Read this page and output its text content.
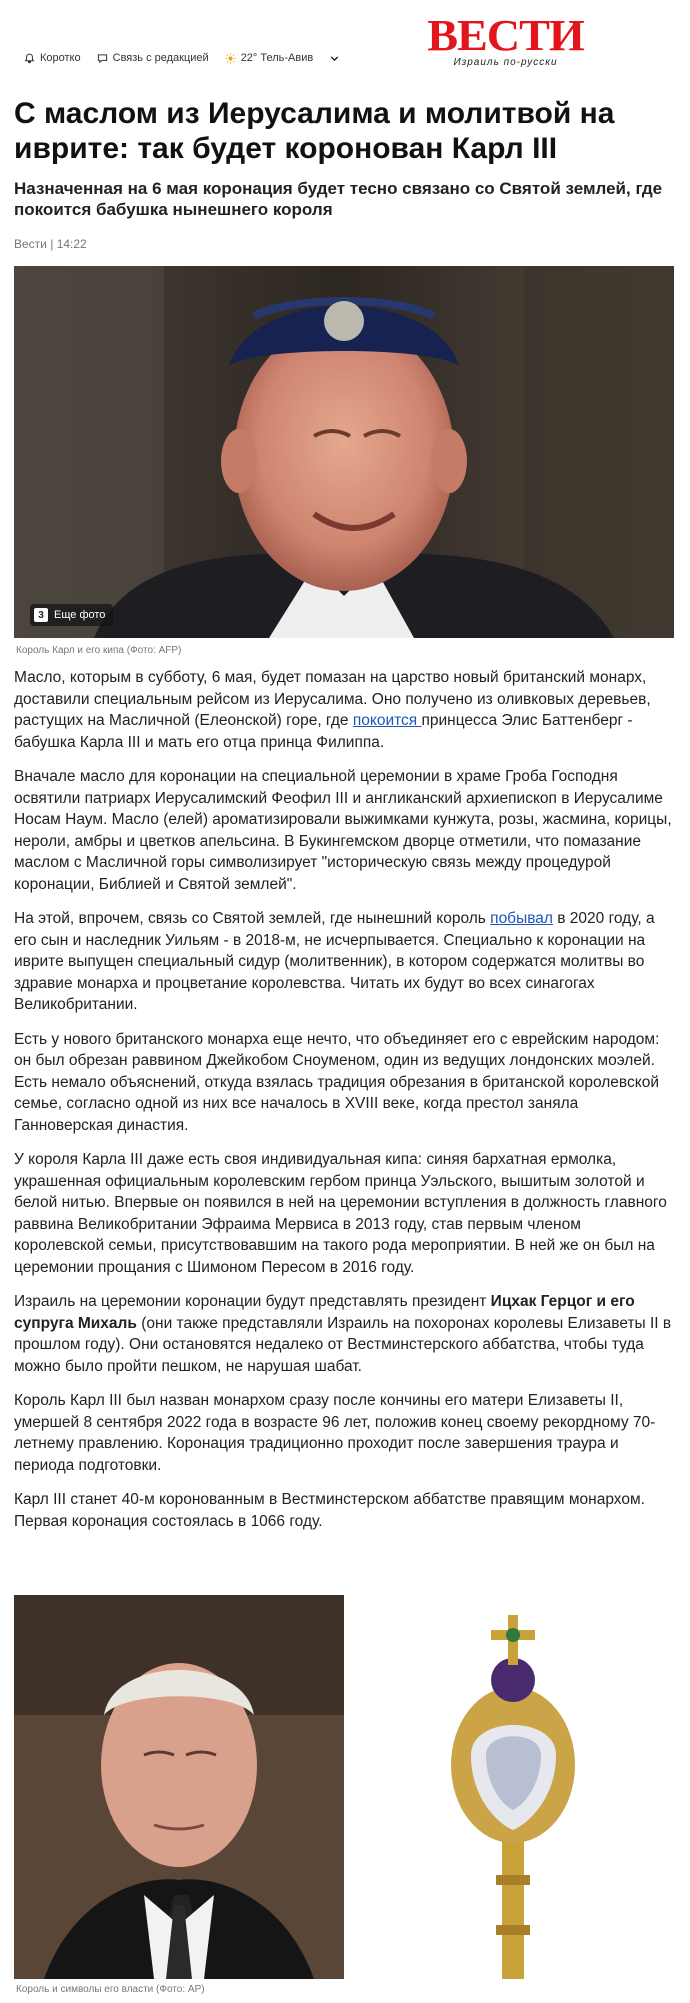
Коротко	Связь с редакцией	22° Тель-Авив	ВЕСТИ
Израиль по-русски
С маслом из Иерусалима и молитвой на иврите: так будет коронован Карл III
Назначенная на 6 мая коронация будет тесно связано со Святой землей, где покоится бабушка нынешнего короля
Вести | 14:22
3 Еще фото
Король Карл и его кипа (Фото: AFP)

Масло, которым в субботу, 6 мая, будет помазан на царство новый британский монарх, доставили специальным рейсом из Иерусалима. Оно получено из оливковых деревьев, растущих на Масличной (Елеонской) горе, где покоится принцесса Элис Баттенберг - бабушка Карла III и мать его отца принца Филиппа.

Вначале масло для коронации на специальной церемонии в храме Гроба Господня освятили патриарх Иерусалимский Феофил III и англиканский архиепископ в Иерусалиме Носам Наум. Масло (елей) ароматизировали выжимками кунжута, розы, жасмина, корицы, нероли, амбры и цветков апельсина. В Букингемском дворце отметили, что помазание маслом с Масличной горы символизирует "историческую связь между процедурой коронации, Библией и Святой землей".

На этой, впрочем, связь со Святой землей, где нынешний король побывал в 2020 году, а его сын и наследник Уильям - в 2018-м, не исчерпывается. Специально к коронации на иврите выпущен специальный сидур (молитвенник), в котором содержатся молитвы во здравие монарха и процветание королевства. Читать их будут во всех синагогах Великобритании.

Есть у нового британского монарха еще нечто, что объединяет его с еврейским народом: он был обрезан раввином Джейкобом Сноуменом, один из ведущих лондонских моэлей. Есть немало объяснений, откуда взялась традиция обрезания в британской королевской семье, согласно одной из них все началось в XVIII веке, когда престол заняла Ганноверская династия.

У короля Карла III даже есть своя индивидуальная кипа: синяя бархатная ермолка, украшенная официальным королевским гербом принца Уэльского, вышитым золотой и белой нитью. Впервые он появился в ней на церемонии вступления в должность главного раввина Великобритании Эфраима Мервиса в 2013 году, став первым членом королевской семьи, присутствовавшим на такого рода мероприятии. В ней же он был на церемонии прощания с Шимоном Пересом в 2016 году.

Израиль на церемонии коронации будут представлять президент Ицхак Герцог и его супруга Михаль (они также представляли Израиль на похоронах королевы Елизаветы II в прошлом году). Они остановятся недалеко от Вестминстерского аббатства, чтобы туда можно было пройти пешком, не нарушая шабат.

Король Карл III был назван монархом сразу после кончины его матери Елизаветы II, умершей 8 сентября 2022 года в возрасте 96 лет, положив конец своему рекордному 70-летнему правлению. Коронация традиционно проходит после завершения траура и периода подготовки.

Карл III станет 40-м коронованным в Вестминстерском аббатстве правящим монархом. Первая коронация состоялась в 1066 году.

Король и символы его власти (Фото: AP)
